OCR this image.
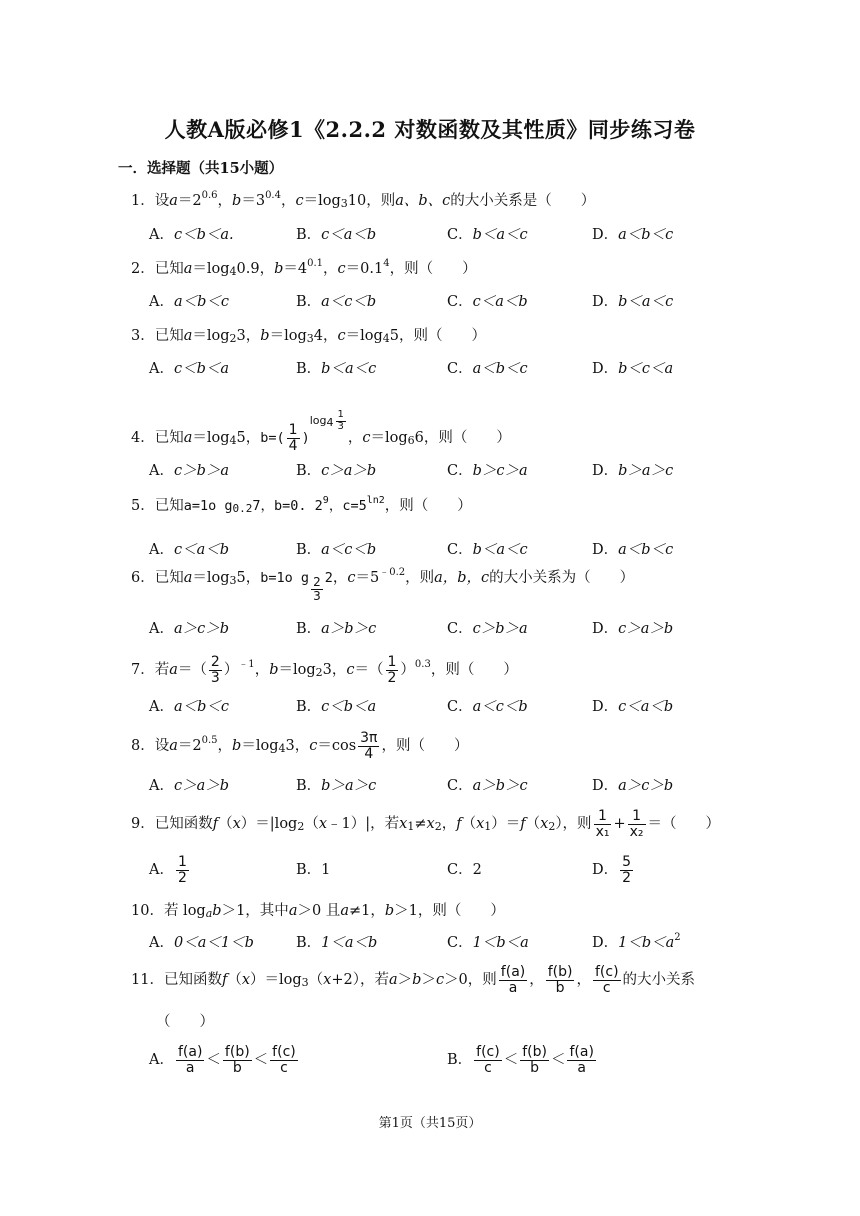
人教A版必修1《2.2.2 对数函数及其性质》同步练习卷
一．选择题（共15小题）
1．设$a=2^{0.6}$，$b=3^{0.4}$，$c=\log_310$，则a、b、c的大小关系是（　　）
A．c＜b＜a.	B．c＜a＜b	C．b＜a＜c	D．a＜b＜c
2．已知$a=\log_40.9$，$b=4^{0.1}$，$c=0.1^4$，则（　　）
A．a＜b＜c	B．a＜c＜b	C．c＜a＜b	D．b＜a＜c
3．已知$a=\log_23$，$b=\log_34$，$c=\log_45$，则（　　）
A．c＜b＜a	B．b＜a＜c	C．a＜b＜c	D．b＜c＜a
4．已知$a=\log_45$，$b=( \frac{1}{4} )\log_4 \frac{1}{3}$
，$c=\log_66$，则（　　）
A．c＞b＞a	B．c＞a＞b	C．b＞c＞a	D．b＞a＞c
5．已知a=1o $g_{0.2}7$，b=0. $2^9$，$c=5^{ln2}$，则（　　）
A．c＜a＜b	B．a＜c＜b	C．b＜a＜c	D．a＜b＜c
6．已知$a=\log_35$，b=1o g $\frac{2}{3} 2$，$c=5^{﹣0.2}$，则a，b，c的大小关系为（　　）
A．a＞c＞b	B．a＞b＞c	C．c＞b＞a	D．c＞a＞b
7．若$a=( \frac{2}{3} )^{﹣1}$，$b=\log_23$，$c=( \frac{1}{2} )^{0.3}$，则（　　）
A．a＜b＜c	B．c＜b＜a	C．a＜c＜b	D．c＜a＜b
8．设$a=2^{0.5}$，$b=\log_43$，$c=\cos \frac{3\pi}{4}$ ，则（　　）
A．c＞a＞b	B．b＞a＞c	C．a＞b＞c	D．a＞c＞b
9．已知函数$f(x)=|\log_2(x﹣1)|$，若$x_1\ne x_2$，$f(x_1)=f(x_2)$，则 $\frac{1}{\text{x₁}} + \frac{1}{\text{x₂}}$ ＝（　　）
A． $\frac{1}{2}$	B．1	C．2	D． $\frac{5}{2}$
10．若 $\log_ab>1$，其中a＞0 且a≠1，b＞1，则（　　）
A．0＜a＜1＜b	B．1＜a＜b	C．1＜b＜a	D．$1<b<a^2$
11．已知函数$f(x)=\log_3(x+2)$，若a＞b＞c＞0，则 $\frac{f(a)}{a}$ ， $\frac{f(b)}{b}$ ， $\frac{f(c)}{c}$ 的大小关系
（　　）
A． $\frac{f(a)}{a} < \frac{f(b)}{b} < \frac{f(c)}{c}$	B． $\frac{f(c)}{c} < \frac{f(b)}{b} < \frac{f(a)}{a}$
第1页（共15页）
